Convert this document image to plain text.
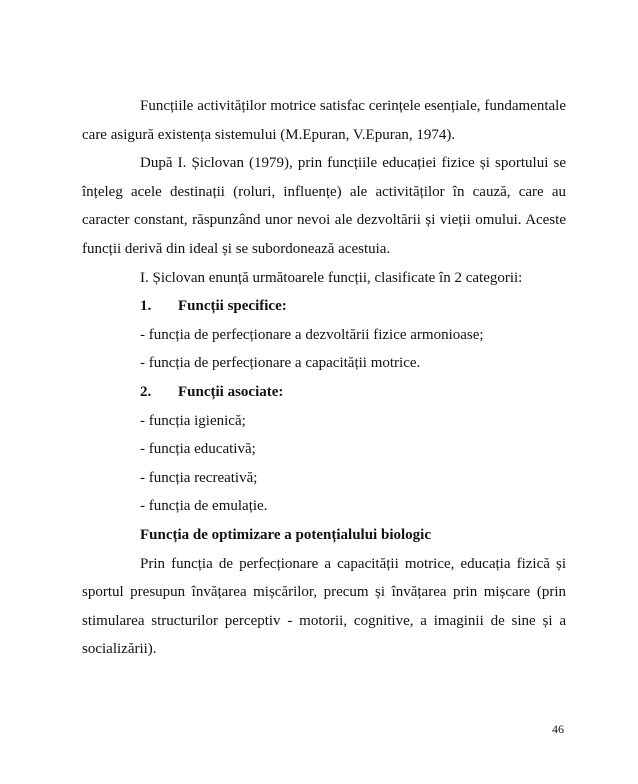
Funcțiile activităților motrice satisfac cerințele esențiale, fundamentale care asigură existența sistemului (M.Epuran, V.Epuran, 1974).

După I. Șiclovan (1979), prin funcțiile educației fizice și sportului se înțeleg acele destinații (roluri, influențe) ale activităților în cauză, care au caracter constant, răspunzând unor nevoi ale dezvoltării și vieții omului. Aceste funcții derivă din ideal și se subordonează acestuia.

I. Șiclovan enunță următoarele funcții, clasificate în 2 categorii:

1. Funcții specifice:

- funcția de perfecționare a dezvoltării fizice armonioase;

- funcția de perfecționare a capacității motrice.

2. Funcții asociate:

- funcția igienică;

- funcția educativă;

- funcția recreativă;

- funcția de emulație.

Funcția de optimizare a potențialului biologic

Prin funcția de perfecționare a capacității motrice, educația fizică și sportul presupun învățarea mișcărilor, precum și învățarea prin mișcare (prin stimularea structurilor perceptiv - motorii, cognitive, a imaginii de sine și a socializării).

46
